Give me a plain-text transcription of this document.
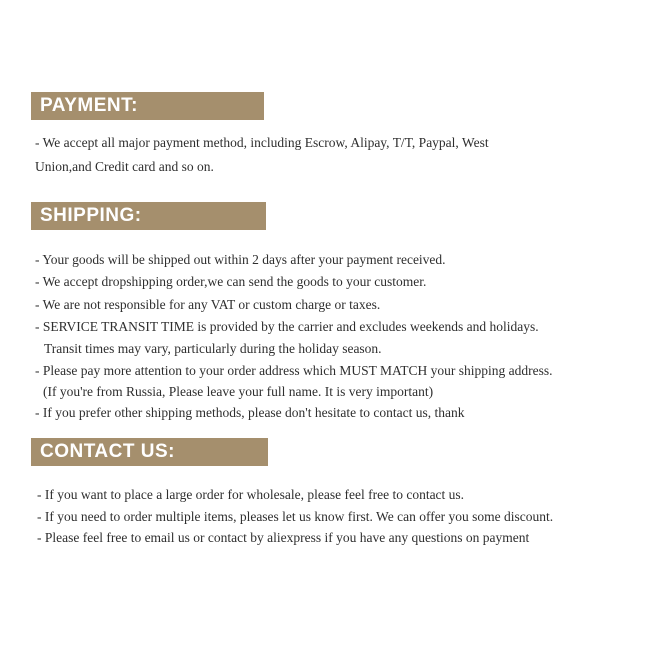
PAYMENT:
- We accept all major payment method, including Escrow, Alipay, T/T, Paypal, West
Union,and Credit card and so on.
SHIPPING:
- Your goods will be shipped out within 2 days after your payment received.
- We accept dropshipping order,we can send the goods to your customer.
- We are not responsible for any VAT or custom charge or taxes.
- SERVICE TRANSIT TIME is provided by the carrier and excludes weekends and holidays.
Transit times may vary, particularly during the holiday season.
- Please pay more attention to your order address which MUST MATCH your shipping address.
(If you're from Russia, Please leave your full name. It is very important)
- If you prefer other shipping methods, please don't hesitate to contact us, thank
CONTACT US:
- If you want to place a large order for wholesale, please feel free to contact us.
- If you need to order multiple items, pleases let us know first. We can offer you some discount.
- Please feel free to email us or contact by aliexpress if you have any questions on payment
